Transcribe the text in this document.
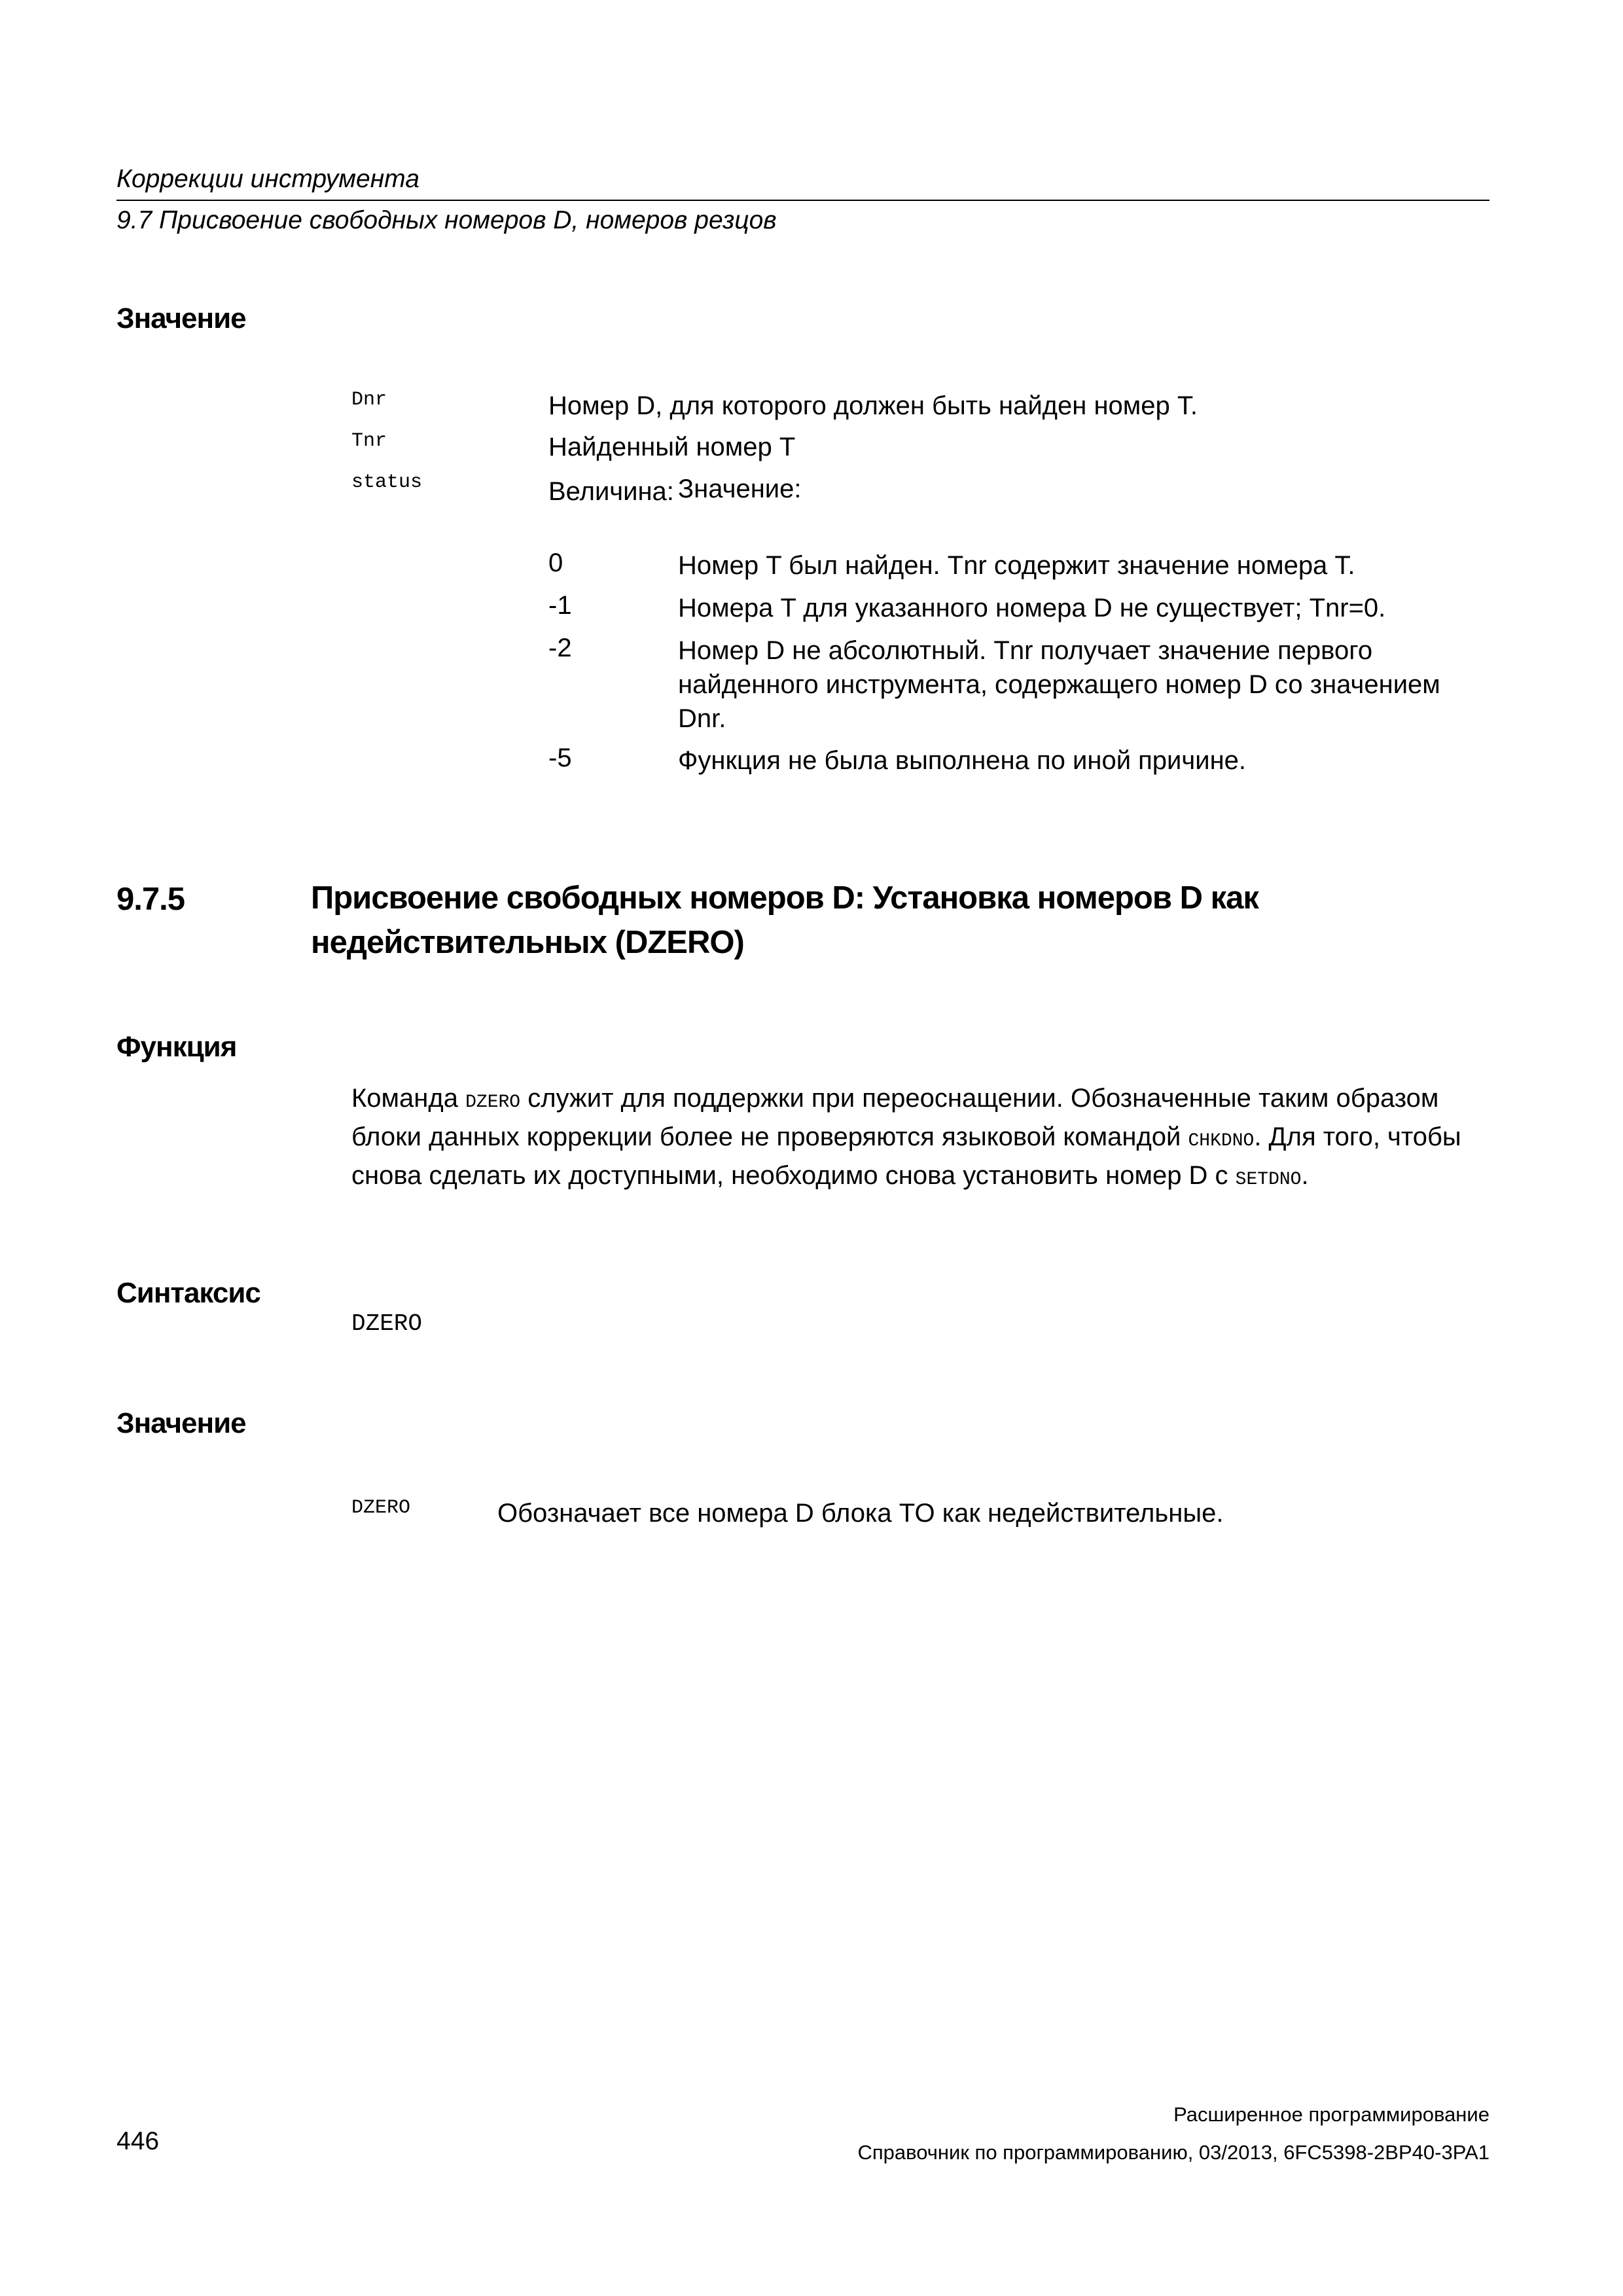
Коррекции инструмента
9.7 Присвоение свободных номеров D, номеров резцов
Значение
Dnr	Номер D, для которого должен быть найден номер T.
Tnr	Найденный номер T
status	Величина: Значение:
0	Номер T был найден. Tnr содержит значение номера T.
-1	Номера T для указанного номера D не существует; Tnr=0.
-2	Номер D не абсолютный. Tnr получает значение первого найденного инструмента, содержащего номер D со значением Dnr.
-5	Функция не была выполнена по иной причине.
9.7.5	Присвоение свободных номеров D: Установка номеров D как недействительных (DZERO)
Функция
Команда DZERO служит для поддержки при переоснащении. Обозначенные таким образом блоки данных коррекции более не проверяются языковой командой CHKDNO. Для того, чтобы снова сделать их доступными, необходимо снова установить номер D с SETDNO.
Синтаксис
DZERO
Значение
DZERO	Обозначает все номера D блока TO как недействительные.
Расширенное программирование
446	Справочник по программированию, 03/2013, 6FC5398-2BP40-3PA1
